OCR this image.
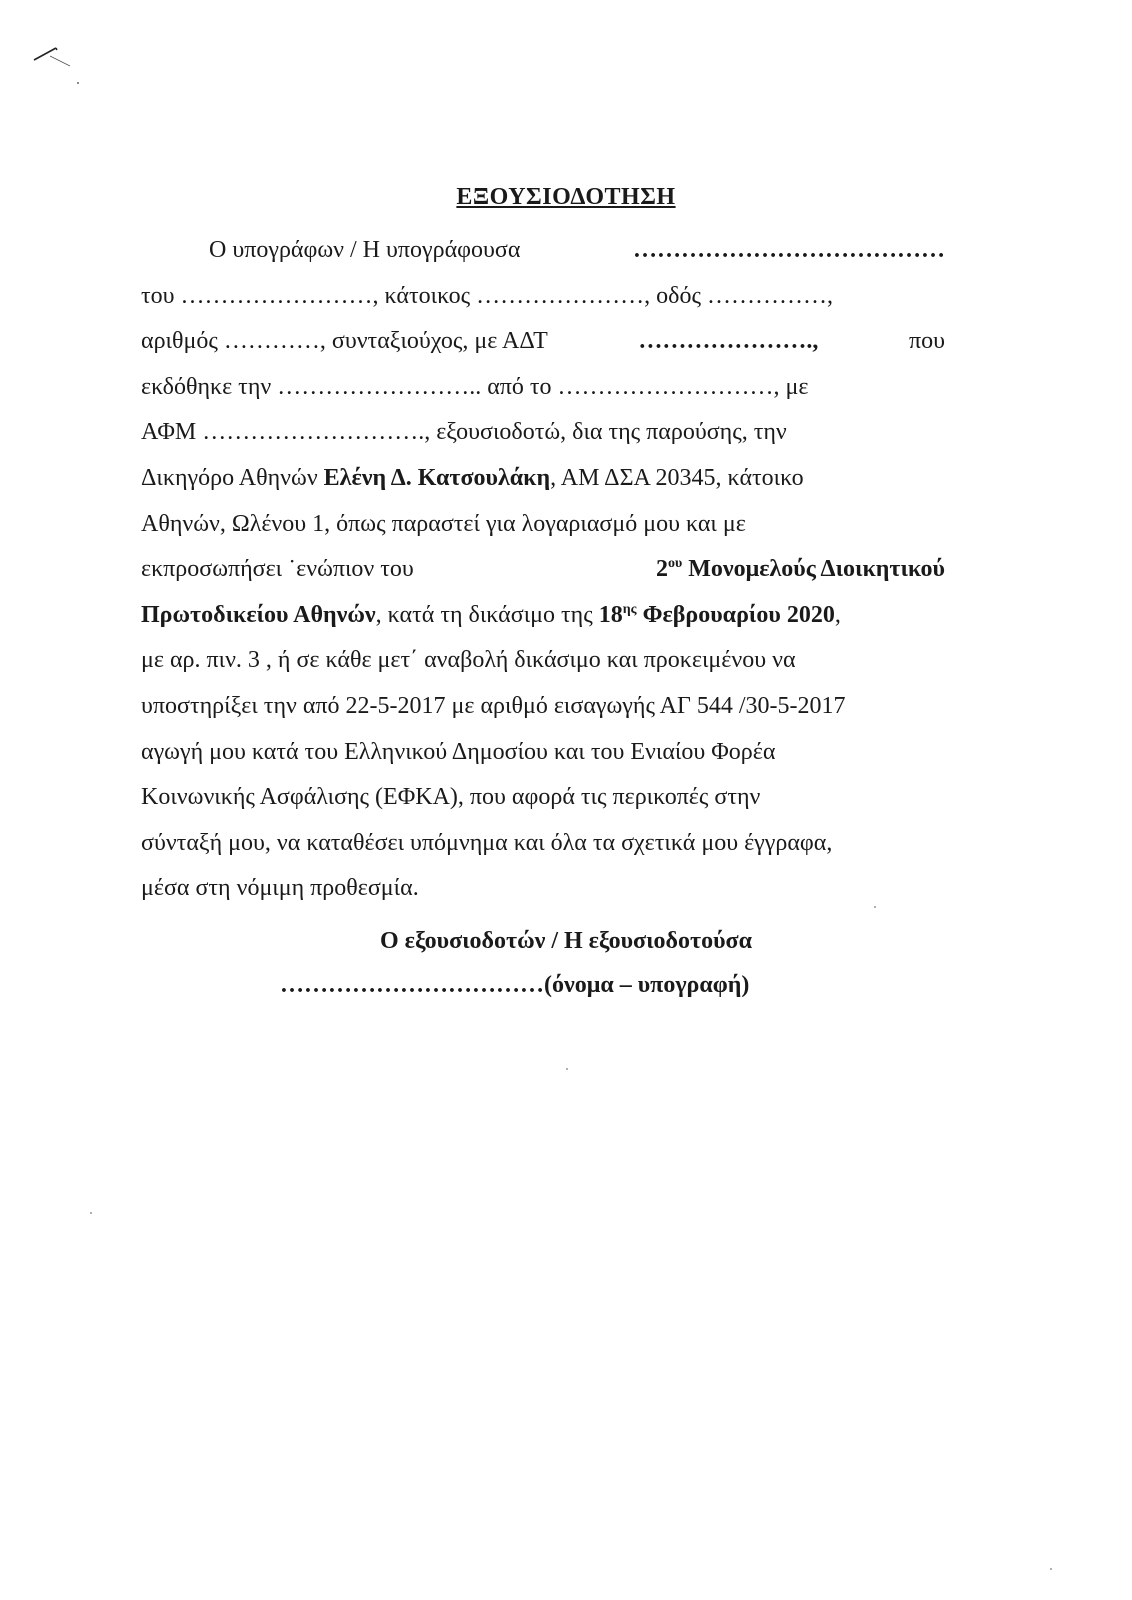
ΕΞΟΥΣΙΟΔΟΤΗΣΗ
Ο υπογράφων / Η υπογράφουσα	…………………………………
του ……………………, κάτοικος …………………, οδός ……………,
αριθμός …………, συνταξιούχος, με ΑΔΤ	………………….,	που
εκδόθηκε την …………………….. από το ………………………, με
ΑΦΜ ………………………., εξουσιοδοτώ, δια της παρούσης, την
Δικηγόρο Αθηνών Ελένη Δ. Κατσουλάκη, ΑΜ ΔΣΑ 20345, κάτοικο
Αθηνών, Ωλένου 1, όπως παραστεί για λογαριασμό μου και με
εκπροσωπήσει ˙ενώπιον του	$2^{o\upsilon}$ Μονομελούς Διοικητικού
Πρωτοδικείου Αθηνών, κατά τη δικάσιμο της $18^{\eta\varsigma}$ Φεβρουαρίου 2020,
με αρ. πιν. 3 , ή σε κάθε μετ΄ αναβολή δικάσιμο και προκειμένου να
υποστηρίξει την από 22-5-2017 με αριθμό εισαγωγής ΑΓ 544 /30-5-2017
αγωγή μου κατά του Ελληνικού Δημοσίου και του Ενιαίου Φορέα
Κοινωνικής Ασφάλισης (ΕΦΚΑ), που αφορά τις περικοπές στην
σύνταξή μου, να καταθέσει υπόμνημα και όλα τα σχετικά μου έγγραφα,
μέσα στη νόμιμη προθεσμία.
Ο εξουσιοδοτών / Η εξουσιοδοτούσα
……………………………(όνομα – υπογραφή)
